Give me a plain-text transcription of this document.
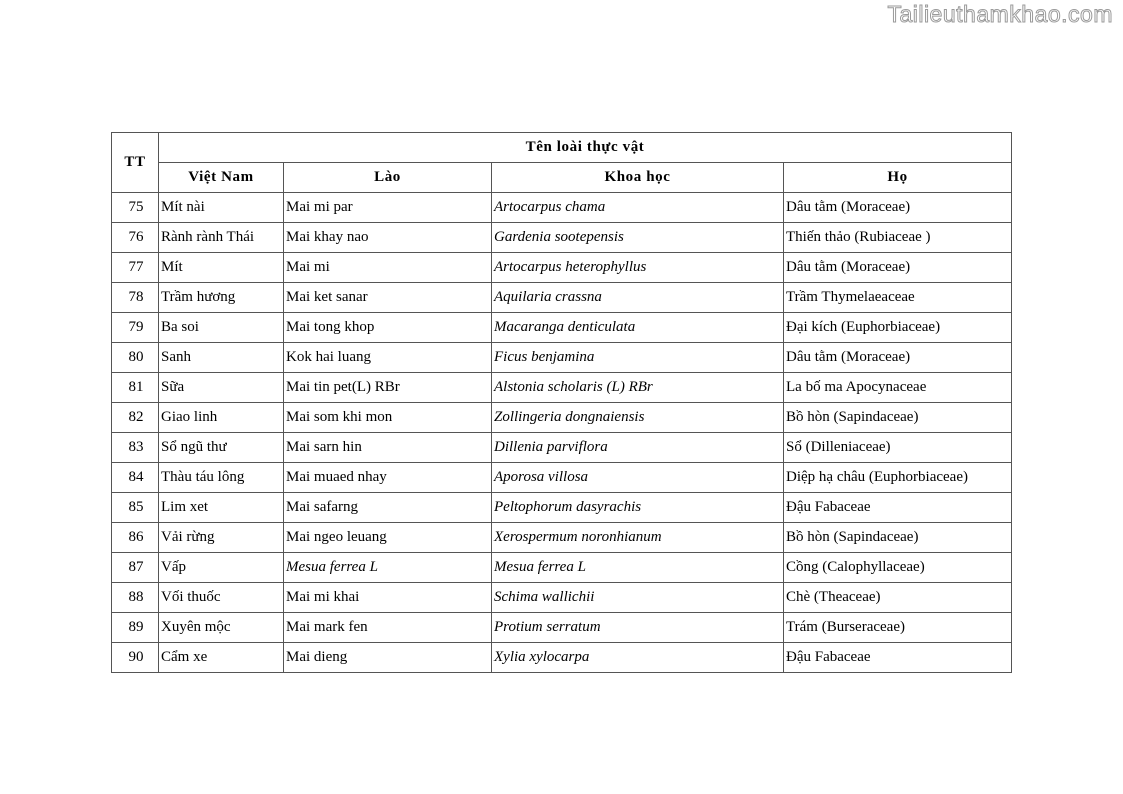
Tailieuthamkhao.com
TT	Tên loài thực vật			
	Việt Nam	Lào	Khoa học	Họ
75	Mít nài	Mai mi par	Artocarpus chama	Dâu tằm (Moraceae)
76	Rành rành Thái	Mai khay nao	Gardenia sootepensis	Thiến thảo (Rubiaceae )
77	Mít	Mai mi	Artocarpus heterophyllus	Dâu tằm (Moraceae)
78	Trầm hương	Mai ket sanar	Aquilaria crassna	Trầm Thymelaeaceae
79	Ba soi	Mai tong khop	Macaranga denticulata	Đại kích (Euphorbiaceae)
80	Sanh	Kok hai luang	Ficus benjamina	Dâu tằm (Moraceae)
81	Sữa	Mai tin pet(L) RBr	Alstonia scholaris (L) RBr	La bố ma Apocynaceae
82	Giao linh	Mai som khi mon	Zollingeria dongnaiensis	Bồ hòn (Sapindaceae)
83	Sổ ngũ thư	Mai sarn hin	Dillenia parviflora	Sổ (Dilleniaceae)
84	Thàu táu lông	Mai muaed nhay	Aporosa villosa	Diệp hạ châu (Euphorbiaceae)
85	Lim xet	Mai safarng	Peltophorum dasyrachis	Đậu Fabaceae
86	Vải rừng	Mai ngeo leuang	Xerospermum noronhianum	Bồ hòn (Sapindaceae)
87	Vấp	Mesua ferrea L	Mesua ferrea L	Cồng (Calophyllaceae)
88	Vối thuốc	Mai mi khai	Schima wallichii	Chè (Theaceae)
89	Xuyên mộc	Mai mark fen	Protium serratum	Trám (Burseraceae)
90	Cẩm xe	Mai dieng	Xylia xylocarpa	Đậu Fabaceae
